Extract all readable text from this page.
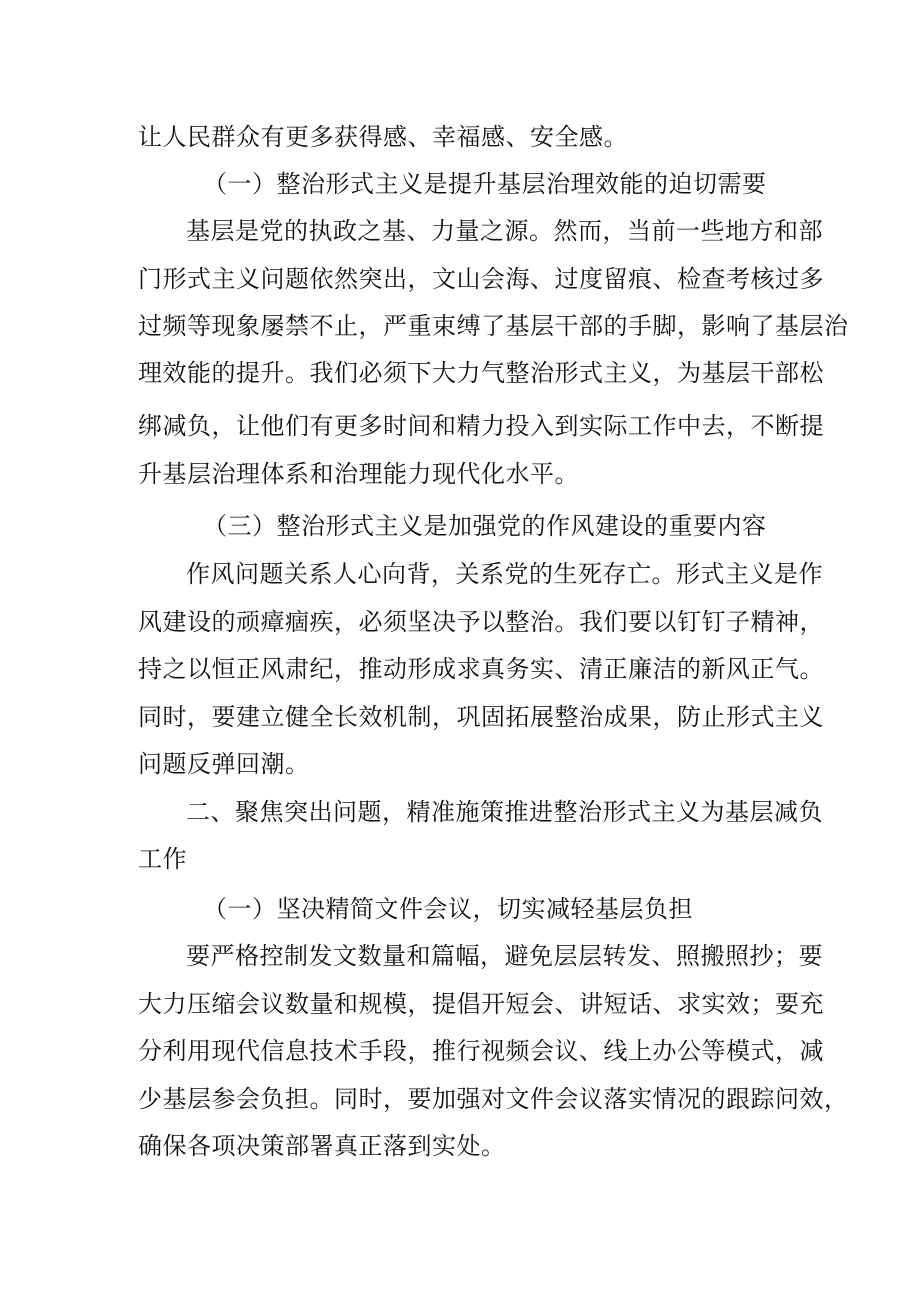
让人民群众有更多获得感、幸福感、安全感。
（一）整治形式主义是提升基层治理效能的迫切需要
基层是党的执政之基、力量之源。然而，当前一些地方和部
门形式主义问题依然突出，文山会海、过度留痕、检查考核过多
过频等现象屡禁不止，严重束缚了基层干部的手脚，影响了基层治
理效能的提升。我们必须下大力气整治形式主义，为基层干部松
绑减负，让他们有更多时间和精力投入到实际工作中去，不断提
升基层治理体系和治理能力现代化水平。
（三）整治形式主义是加强党的作风建设的重要内容
作风问题关系人心向背，关系党的生死存亡。形式主义是作
风建设的顽瘴痼疾，必须坚决予以整治。我们要以钉钉子精神，
持之以恒正风肃纪，推动形成求真务实、清正廉洁的新风正气。
同时，要建立健全长效机制，巩固拓展整治成果，防止形式主义
问题反弹回潮。
二、聚焦突出问题，精准施策推进整治形式主义为基层减负
工作
（一）坚决精简文件会议，切实减轻基层负担
要严格控制发文数量和篇幅，避免层层转发、照搬照抄；要
大力压缩会议数量和规模，提倡开短会、讲短话、求实效；要充
分利用现代信息技术手段，推行视频会议、线上办公等模式，减
少基层参会负担。同时，要加强对文件会议落实情况的跟踪问效，
确保各项决策部署真正落到实处。
